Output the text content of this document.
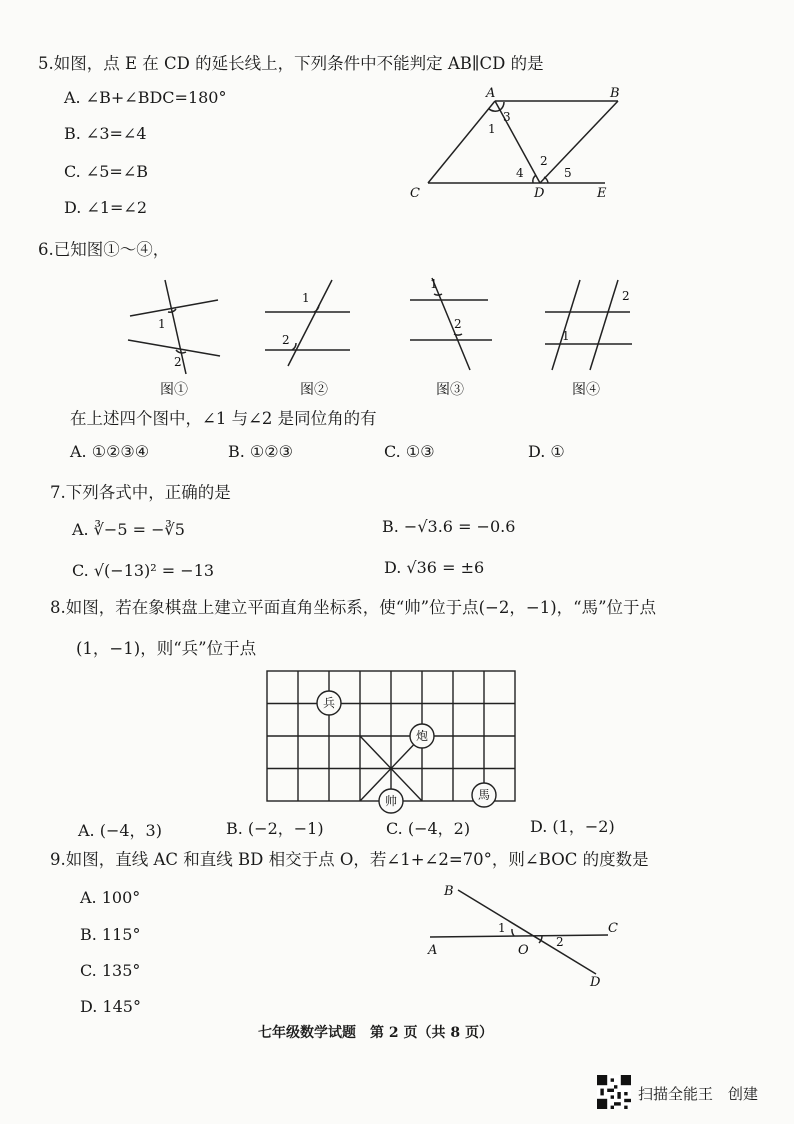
5.如图，点 E 在 CD 的延长线上，下列条件中不能判定 AB∥CD 的是
A. ∠B+∠BDC=180°
B. ∠3=∠4
C. ∠5=∠B
D. ∠1=∠2
A	B
C	D	E
1
2
3
4	5
6.已知图①～④，
1
2
1
2
1
2
1
2
图①	图②	图③	图④
在上述四个图中，∠1 与∠2 是同位角的有
A. ①②③④	B. ①②③	C. ①③	D. ①
7.下列各式中，正确的是
A. ∛−5 = −∛5	B. −√3.6 = −0.6
C. √(−13)² = −13	D. √36 = ±6
8.如图，若在象棋盘上建立平面直角坐标系，使“帅”位于点(−2，−1)，“馬”位于点
(1，−1)，则“兵”位于点
兵
炮
帅	馬
A. (−4，3)	B. (−2，−1)	C. (−4，2)	D. (1，−2)
9.如图，直线 AC 和直线 BD 相交于点 O，若∠1+∠2=70°，则∠BOC 的度数是
A. 100°
B. 115°
C. 135°
D. 145°
B
C
A	O
D
1
2
七年级数学试题　第 2 页（共 8 页）
扫描全能王　创建
